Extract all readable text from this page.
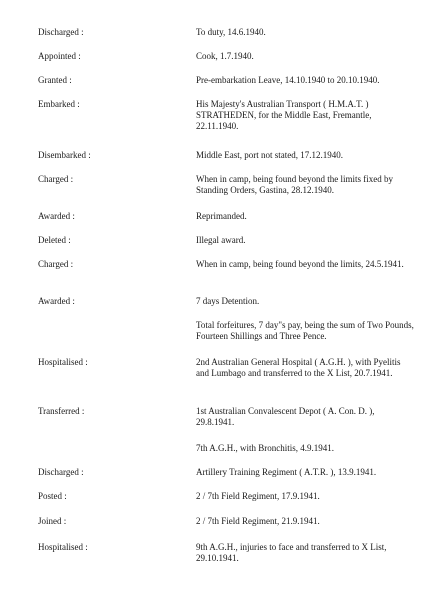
Discharged :	To duty, 14.6.1940.
Appointed :	Cook, 1.7.1940.
Granted :	Pre-embarkation Leave, 14.10.1940 to 20.10.1940.
Embarked :	His Majesty's Australian Transport ( H.M.A.T. ) STRATHEDEN, for the Middle East, Fremantle, 22.11.1940.
Disembarked :	Middle East, port not stated, 17.12.1940.
Charged :	When in camp, being found beyond the limits fixed by Standing Orders, Gastina, 28.12.1940.
Awarded :	Reprimanded.
Deleted :	Illegal award.
Charged :	When in camp, being found beyond the limits, 24.5.1941.
Awarded :	7 days Detention.
Total forfeitures, 7 day"s pay, being the sum of Two Pounds, Fourteen Shillings and Three Pence.
Hospitalised :	2nd Australian General Hospital ( A.G.H. ), with Pyelitis and Lumbago and transferred to the X List, 20.7.1941.
Transferred :	1st Australian Convalescent Depot ( A. Con. D. ), 29.8.1941.
7th A.G.H., with Bronchitis, 4.9.1941.
Discharged :	Artillery Training Regiment ( A.T.R. ), 13.9.1941.
Posted :	2 / 7th Field Regiment, 17.9.1941.
Joined :	2 / 7th Field Regiment, 21.9.1941.
Hospitalised :	9th A.G.H., injuries to face and transferred to X List, 29.10.1941.
